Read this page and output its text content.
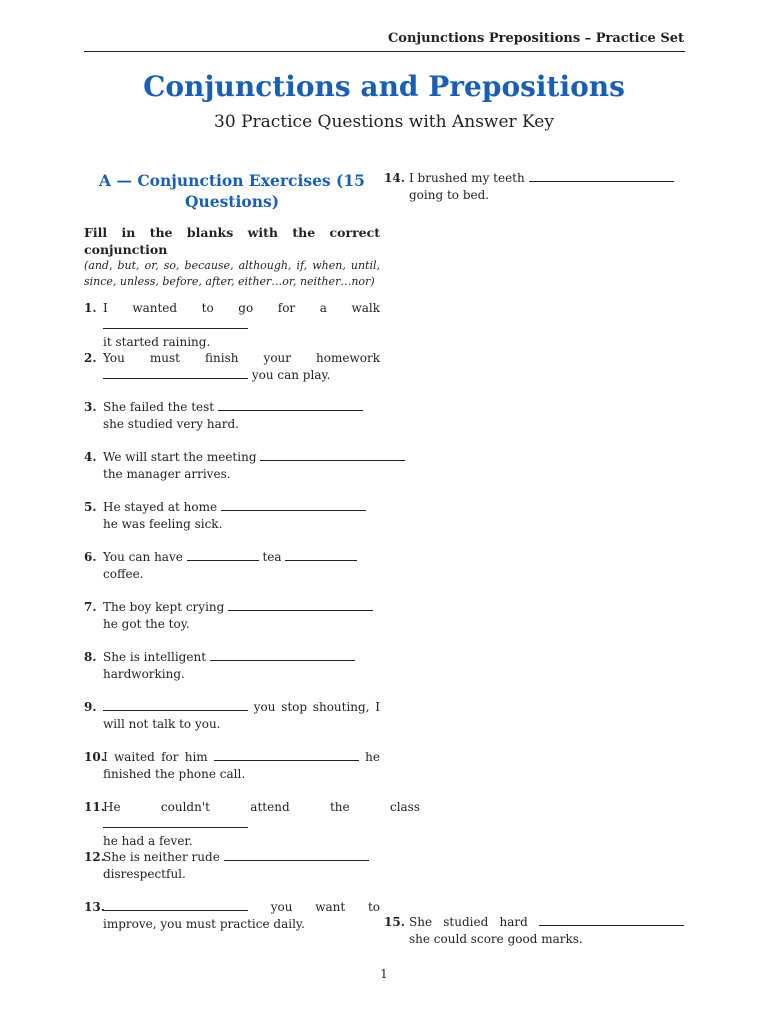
Conjunctions Prepositions – Practice Set
Conjunctions and Prepositions
30 Practice Questions with Answer Key
A — Conjunction Exercises (15 Questions)
Fill in the blanks with the correct conjunction
(and, but, or, so, because, although, if, when, until, since, unless, before, after, either…or, neither…nor)
1. I wanted to go for a walk
it started raining.
2. You must finish your homework
you can play.
3. She failed the test
she studied very hard.
4. We will start the meeting
the manager arrives.
5. He stayed at home
he was feeling sick.
6. You can have	tea
coffee.
7. The boy kept crying
he got the toy.
8. She is intelligent
hardworking.
9.	you stop shouting, I will not talk to you.
10.
I waited for him	he finished the phone call.
11.
He couldn't attend the class
he had a fever.
12.
She is neither rude
disrespectful.
13.	you want to improve, you must practice daily.
14. I brushed my teeth
going to bed.
15. She studied hard  she could score good marks.
1
